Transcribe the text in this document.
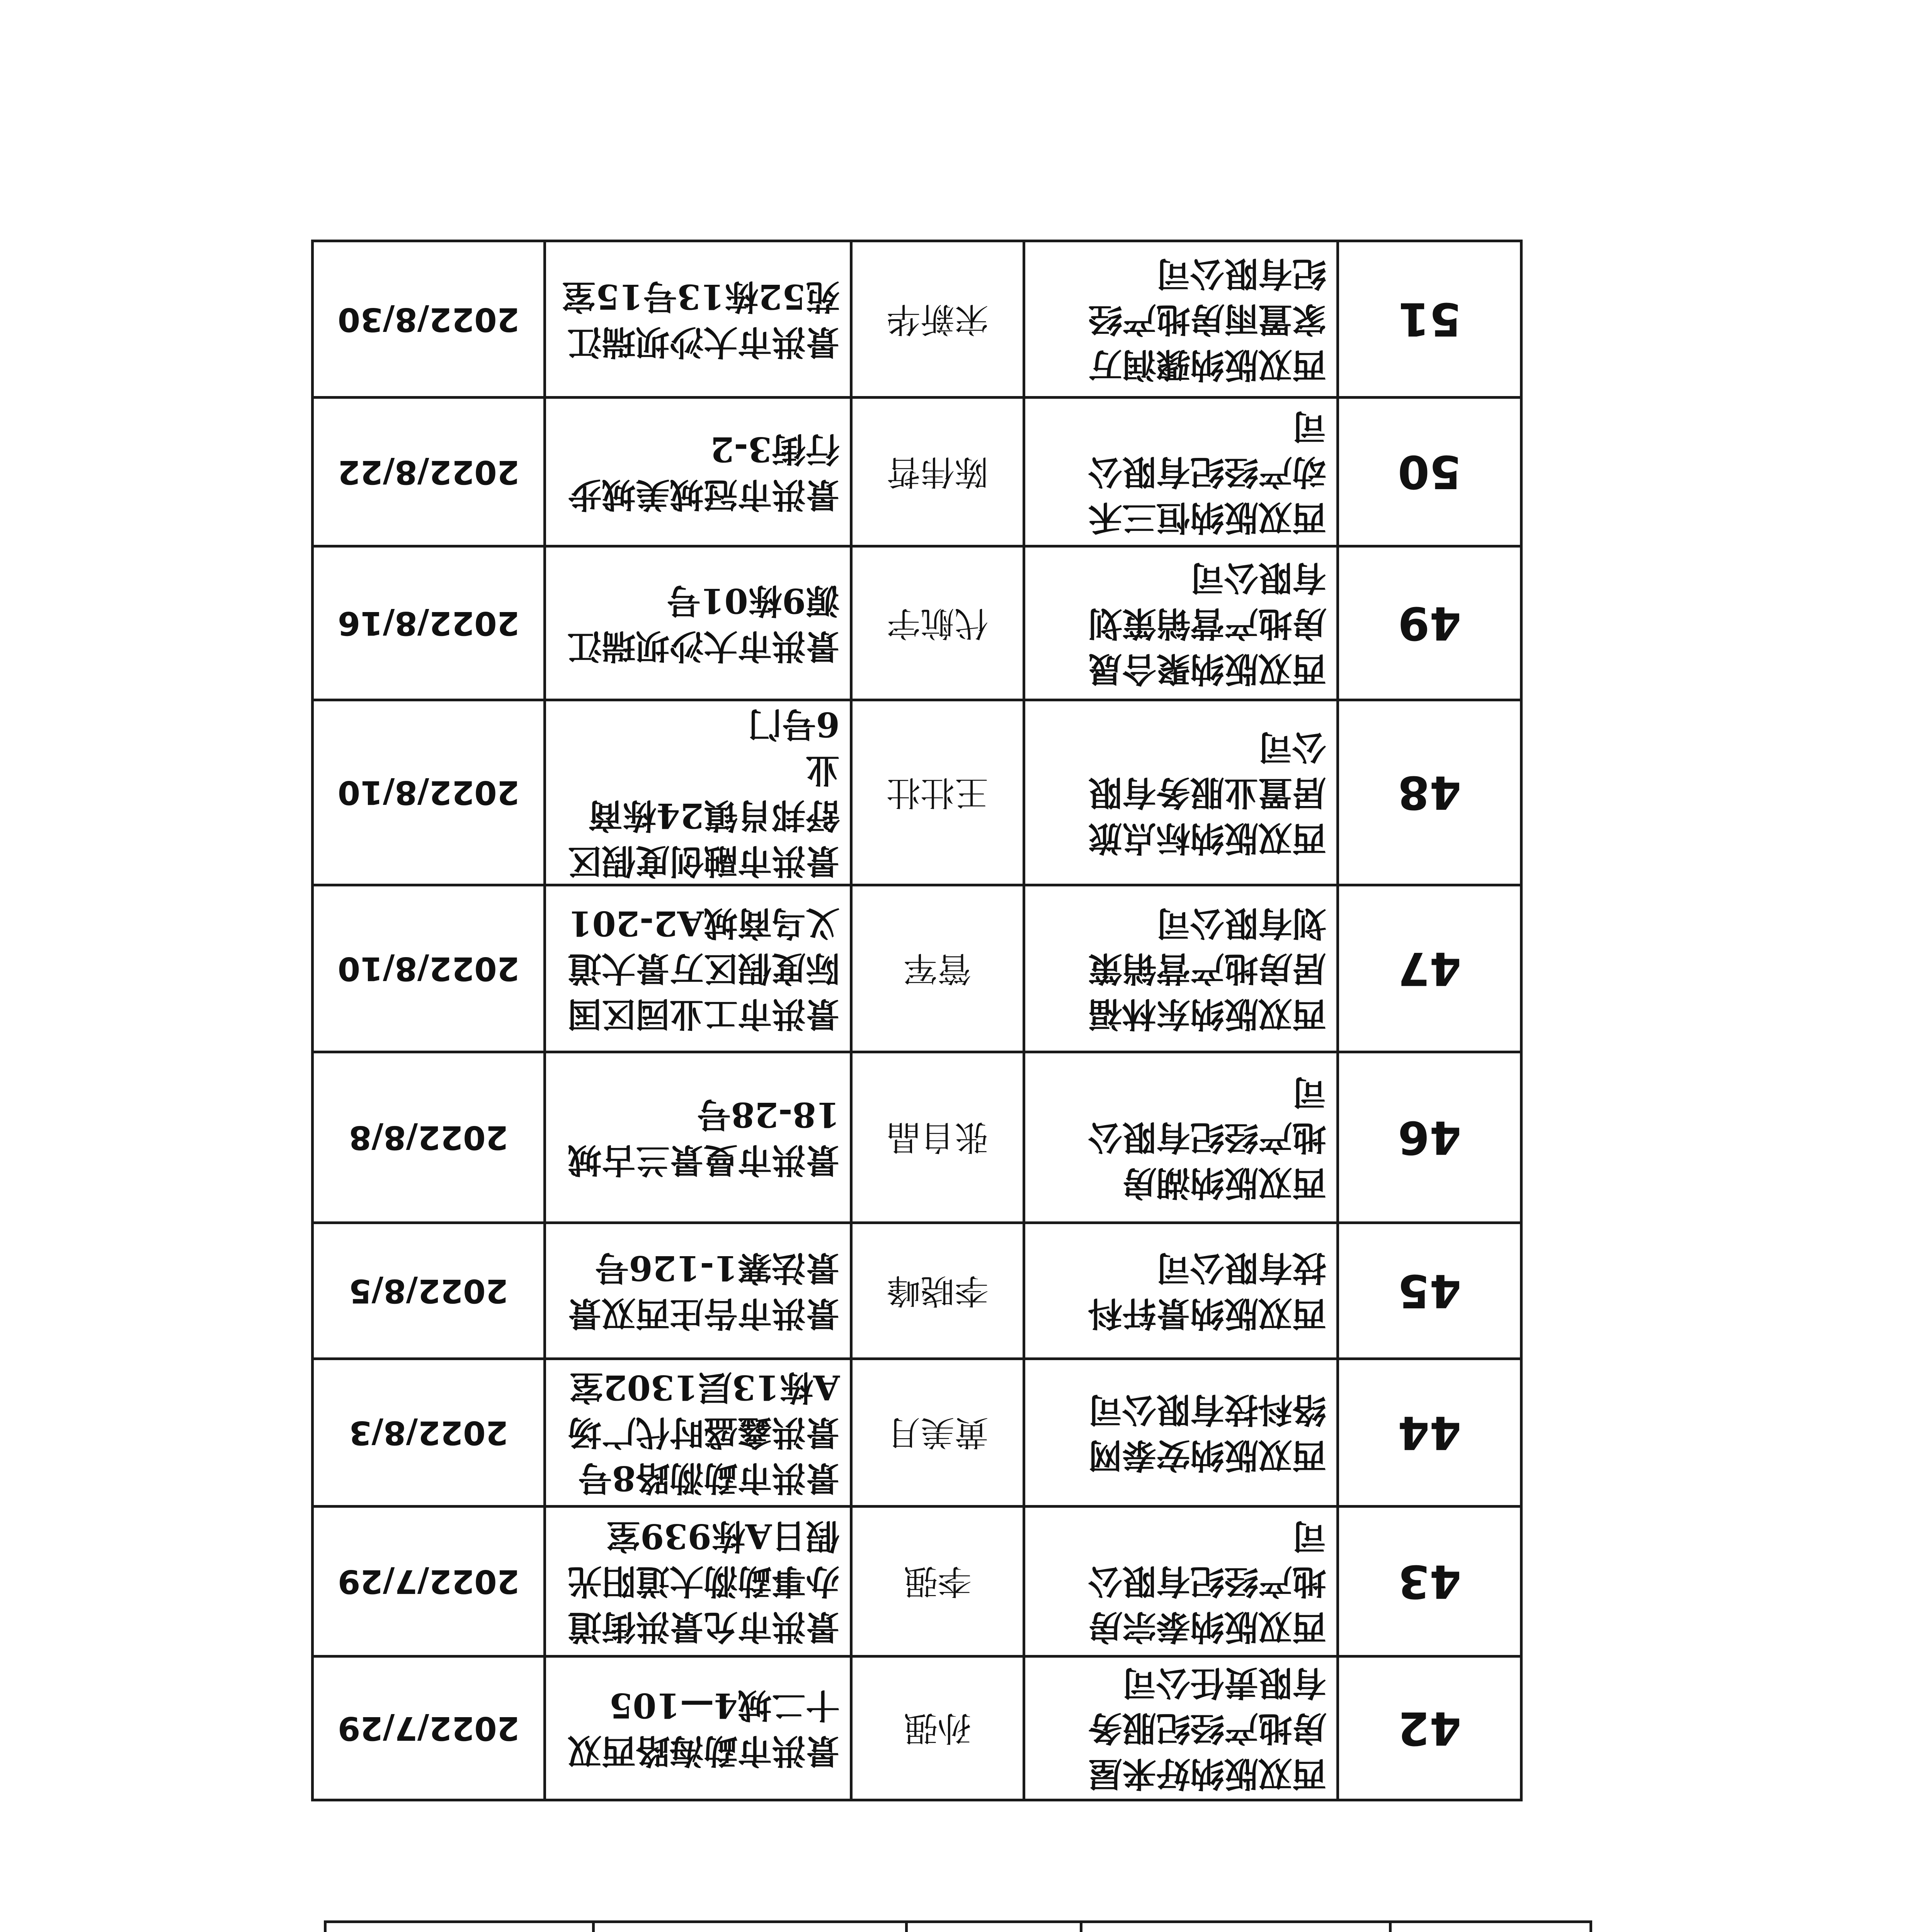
42	西双版纳好来屋
房地产经纪服务
有限责任公司	孙强	景洪市勐海路西双
十二城4—105	2022/7/29

43	西双版纳泰宗房
地产经纪有限公
司	李强	景洪市允景洪街道
办事勐泐大道阳光
假日A栋939室	2022/7/29

44	西双版纳安泰网
络科技有限公司	黄美月	景洪市勐泐路8号
景洪鑫盛时代广场
A栋13层1302室	2022/8/3

45	西双版纳景轩科
技有限公司	李晓峰	景洪市告庄西双景
景法寨1-126号	2022/8/5

46	西双版纳湖房
地产经纪有限公
司	张自晶	景洪市曼景兰古城
18-28号	2022/8/8

47	西双版纳东林福
居房地产营销策
划有限公司	管军	景洪市工业园区国
际度假区万景大道
义乌商城A2-201	2022/8/10

48	西双版纳标点旅
居置业服务有限
公司	王壮壮	景洪市融创度假区
舒邦肖镇24栋商业
6号门	2022/8/10

49	西双版纳聚合晟
房地产营销策划
有限公司	代航宇	景洪市大沙坝瑞江
源9栋01号	2022/8/16

50	西双版纳恒三禾
动产经纪有限公
司	陈伟哲	景洪市冠城美城步
行街3-2	2022/8/22

51	西双版纳骤润万
家置雨房地产经
纪有限公司	宋新华	景洪市大沙坝瑞江
苑52栋13号15室	2022/8/30
